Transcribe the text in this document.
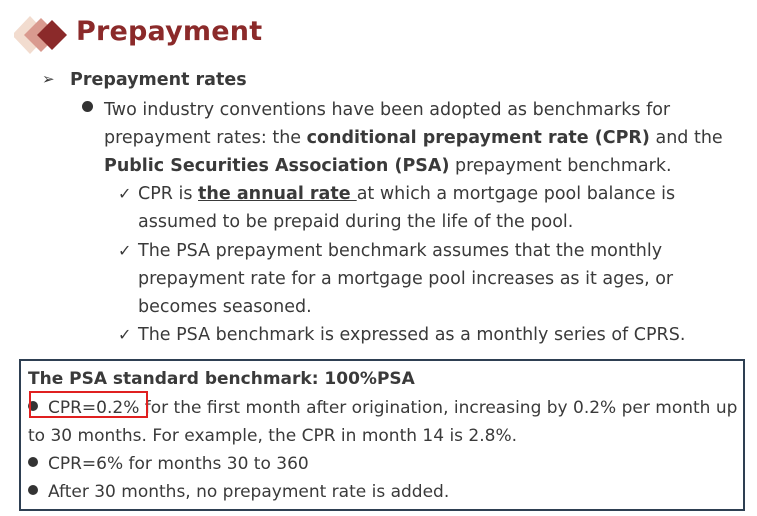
Prepayment
➢ Prepayment rates
Two industry conventions have been adopted as benchmarks for prepayment rates: the conditional prepayment rate (CPR) and the Public Securities Association (PSA) prepayment benchmark.
✓ CPR is the annual rate at which a mortgage pool balance is assumed to be prepaid during the life of the pool.
✓ The PSA prepayment benchmark assumes that the monthly prepayment rate for a mortgage pool increases as it ages, or becomes seasoned.
✓ The PSA benchmark is expressed as a monthly series of CPRS.
The PSA standard benchmark: 100%PSA
CPR=0.2% for the first month after origination, increasing by 0.2% per month up to 30 months. For example, the CPR in month 14 is 2.8%.
CPR=6% for months 30 to 360
After 30 months, no prepayment rate is added.
